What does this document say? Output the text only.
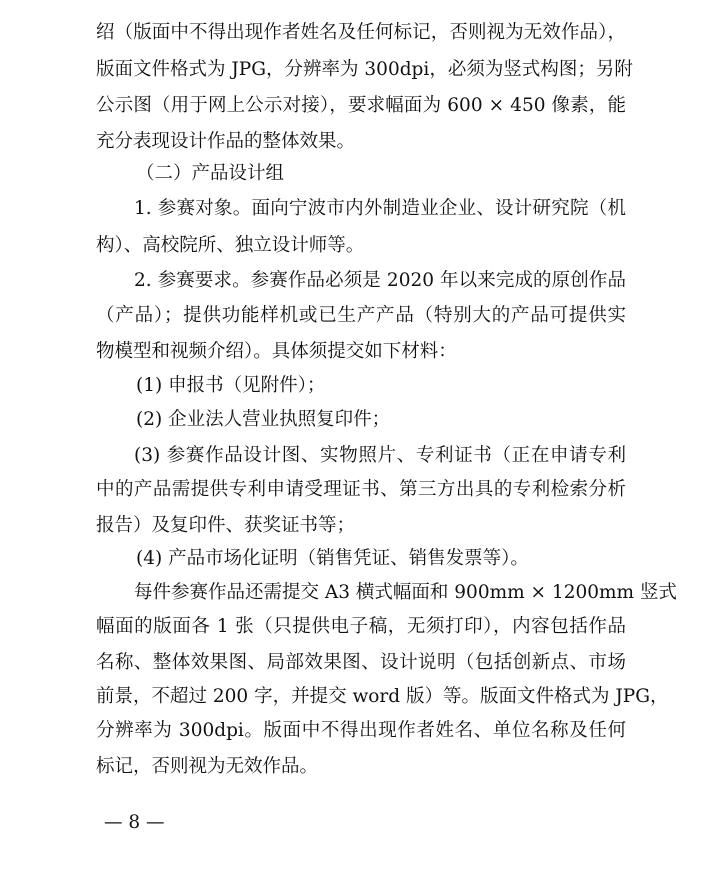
绍（版面中不得出现作者姓名及任何标记，否则视为无效作品），
版面文件格式为 JPG，分辨率为 300dpi，必须为竖式构图；另附
公示图（用于网上公示对接），要求幅面为 600 × 450 像素，能
充分表现设计作品的整体效果。
（二）产品设计组
1. 参赛对象。面向宁波市内外制造业企业、设计研究院（机
构）、高校院所、独立设计师等。
2. 参赛要求。参赛作品必须是 2020 年以来完成的原创作品
（产品）；提供功能样机或已生产产品（特别大的产品可提供实
物模型和视频介绍）。具体须提交如下材料：
(1) 申报书（见附件）；
(2) 企业法人营业执照复印件；
(3) 参赛作品设计图、实物照片、专利证书（正在申请专利
中的产品需提供专利申请受理证书、第三方出具的专利检索分析
报告）及复印件、获奖证书等；
(4) 产品市场化证明（销售凭证、销售发票等）。
每件参赛作品还需提交 A3 横式幅面和 900mm × 1200mm 竖式
幅面的版面各 1 张（只提供电子稿，无须打印），内容包括作品
名称、整体效果图、局部效果图、设计说明（包括创新点、市场
前景，不超过 200 字，并提交 word 版）等。版面文件格式为 JPG，
分辨率为 300dpi。版面中不得出现作者姓名、单位名称及任何
标记，否则视为无效作品。
— 8 —
